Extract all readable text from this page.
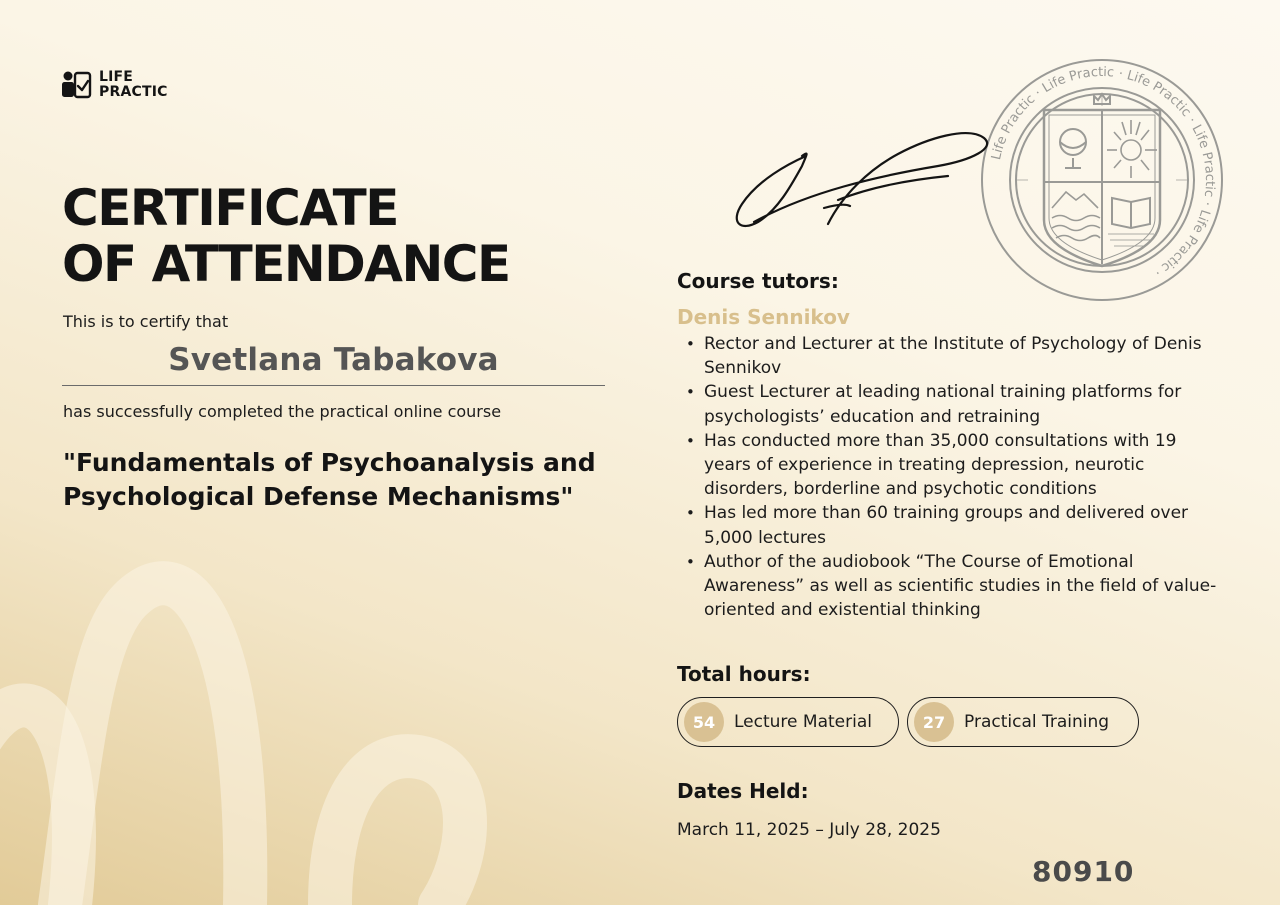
LIFE
PRACTIC
CERTIFICATE
OF ATTENDANCE
This is to certify that
Svetlana Tabakova
has successfully completed the practical online course
"Fundamentals of Psychoanalysis and Psychological Defense Mechanisms"
Life Practic · Life Practic · Life Practic · Life Practic · Life Practic ·
Course tutors:
Denis Sennikov
• Rector and Lecturer at the Institute of Psychology of Denis Sennikov
• Guest Lecturer at leading national training platforms for psychologists’ education and retraining
• Has conducted more than 35,000 consultations with 19 years of experience in treating depression, neurotic disorders, borderline and psychotic conditions
• Has led more than 60 training groups and delivered over 5,000 lectures
• Author of the audiobook “The Course of Emotional Awareness” as well as scientific studies in the field of value-oriented and existential thinking
Total hours:
54	Lecture Material	27	Practical Training
Dates Held:
March 11, 2025 – July 28, 2025
80910
